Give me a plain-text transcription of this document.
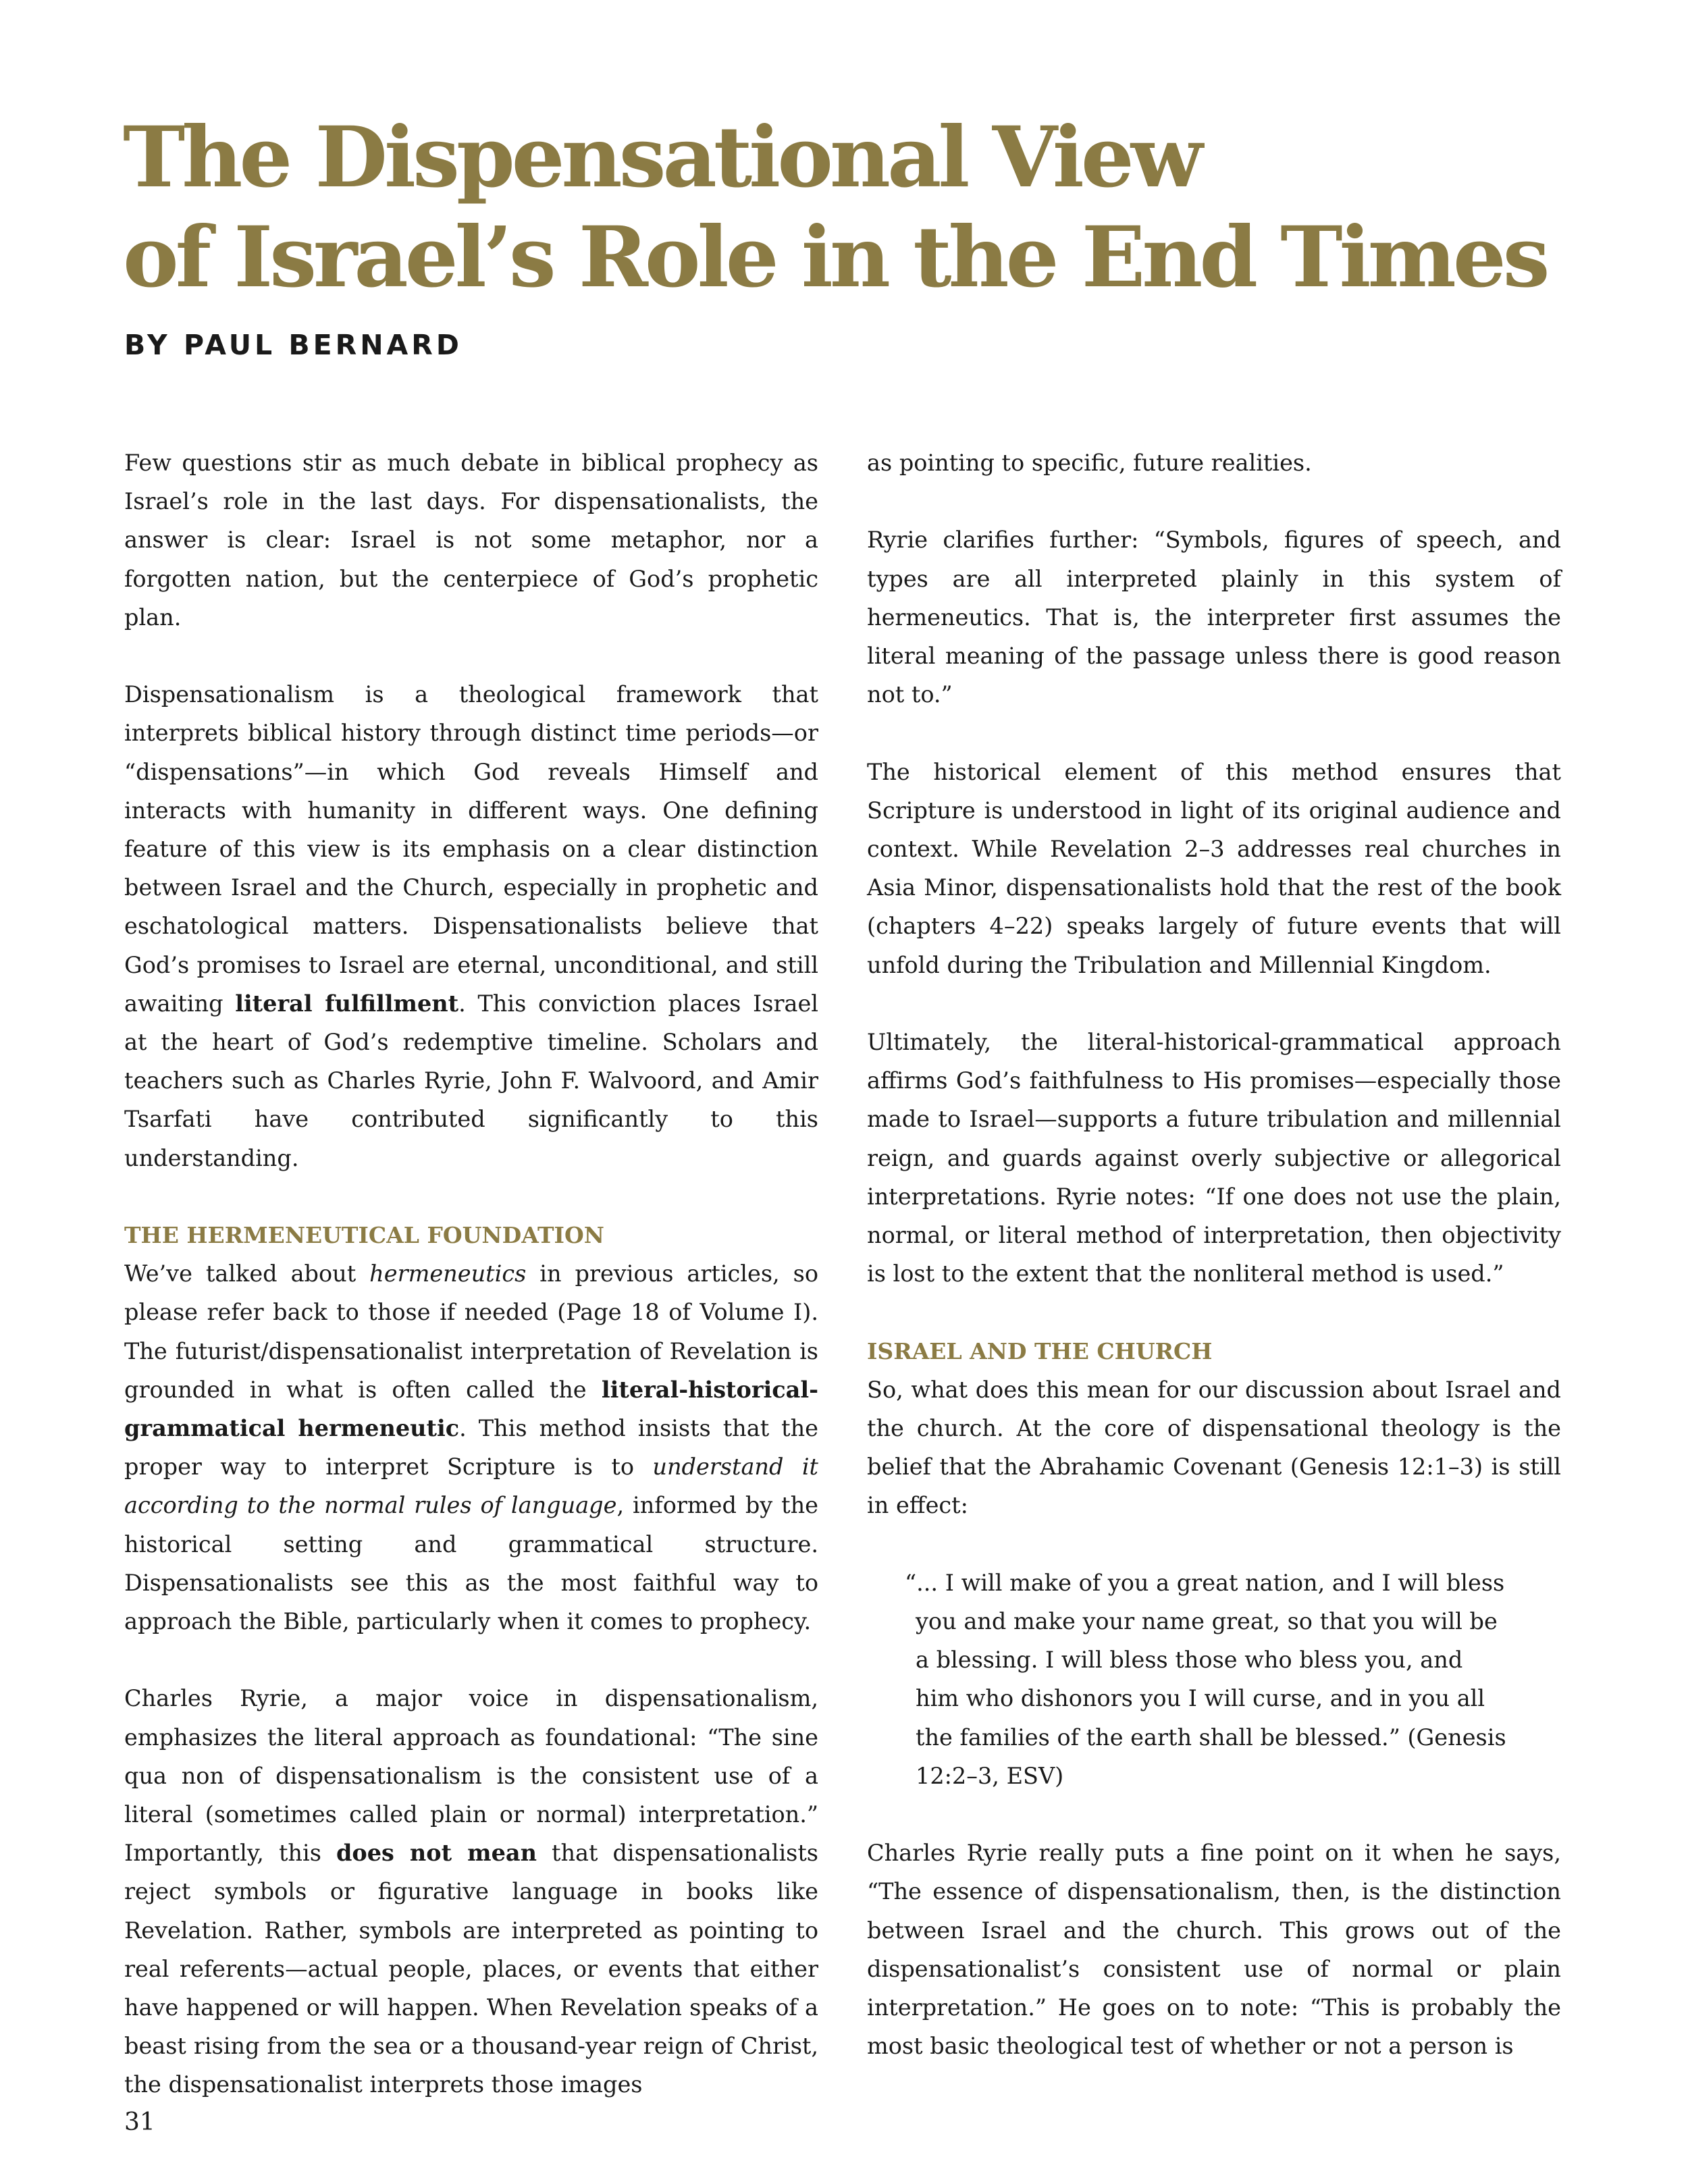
The Dispensational View
of Israel’s Role in the End Times

BY PAUL BERNARD

Few questions stir as much debate in biblical prophecy as Israel’s role in the last days. For dispensationalists, the answer is clear: Israel is not some metaphor, nor a forgotten nation, but the centerpiece of God’s prophetic plan.

Dispensationalism is a theological framework that interprets biblical history through distinct time periods—or “dispensations”—in which God reveals Himself and interacts with humanity in different ways. One defining feature of this view is its emphasis on a clear distinction between Israel and the Church, especially in prophetic and eschatological matters. Dispensationalists believe that God’s promises to Israel are eternal, unconditional, and still awaiting literal fulfillment. This conviction places Israel at the heart of God’s redemptive timeline. Scholars and teachers such as Charles Ryrie, John F. Walvoord, and Amir Tsarfati have contributed significantly to this understanding.

THE HERMENEUTICAL FOUNDATION

We’ve talked about hermeneutics in previous articles, so please refer back to those if needed (Page 18 of Volume I). The futurist/dispensationalist interpretation of Revelation is grounded in what is often called the literal-historical-grammatical hermeneutic. This method insists that the proper way to interpret Scripture is to understand it according to the normal rules of language, informed by the historical setting and grammatical structure. Dispensationalists see this as the most faithful way to approach the Bible, particularly when it comes to prophecy.

Charles Ryrie, a major voice in dispensationalism, emphasizes the literal approach as foundational: “The sine qua non of dispensationalism is the consistent use of a literal (sometimes called plain or normal) interpretation.” Importantly, this does not mean that dispensationalists reject symbols or figurative language in books like Revelation. Rather, symbols are interpreted as pointing to real referents—actual people, places, or events that either have happened or will happen. When Revelation speaks of a beast rising from the sea or a thousand-year reign of Christ, the dispensationalist interprets those images

as pointing to specific, future realities.

Ryrie clarifies further: “Symbols, figures of speech, and types are all interpreted plainly in this system of hermeneutics. That is, the interpreter first assumes the literal meaning of the passage unless there is good reason not to.”

The historical element of this method ensures that Scripture is understood in light of its original audience and context. While Revelation 2–3 addresses real churches in Asia Minor, dispensationalists hold that the rest of the book (chapters 4–22) speaks largely of future events that will unfold during the Tribulation and Millennial Kingdom.

Ultimately, the literal-historical-grammatical approach affirms God’s faithfulness to His promises—especially those made to Israel—supports a future tribulation and millennial reign, and guards against overly subjective or allegorical interpretations. Ryrie notes: “If one does not use the plain, normal, or literal method of interpretation, then objectivity is lost to the extent that the nonliteral method is used.”

ISRAEL AND THE CHURCH

So, what does this mean for our discussion about Israel and the church. At the core of dispensational theology is the belief that the Abrahamic Covenant (Genesis 12:1–3) is still in effect:

“... I will make of you a great nation, and I will bless
you and make your name great, so that you will be
a blessing. I will bless those who bless you, and
him who dishonors you I will curse, and in you all
the families of the earth shall be blessed.” (Genesis
12:2–3, ESV)

Charles Ryrie really puts a fine point on it when he says, “The essence of dispensationalism, then, is the distinction between Israel and the church. This grows out of the dispensationalist’s consistent use of normal or plain interpretation.” He goes on to note: “This is probably the most basic theological test of whether or not a person is

31
